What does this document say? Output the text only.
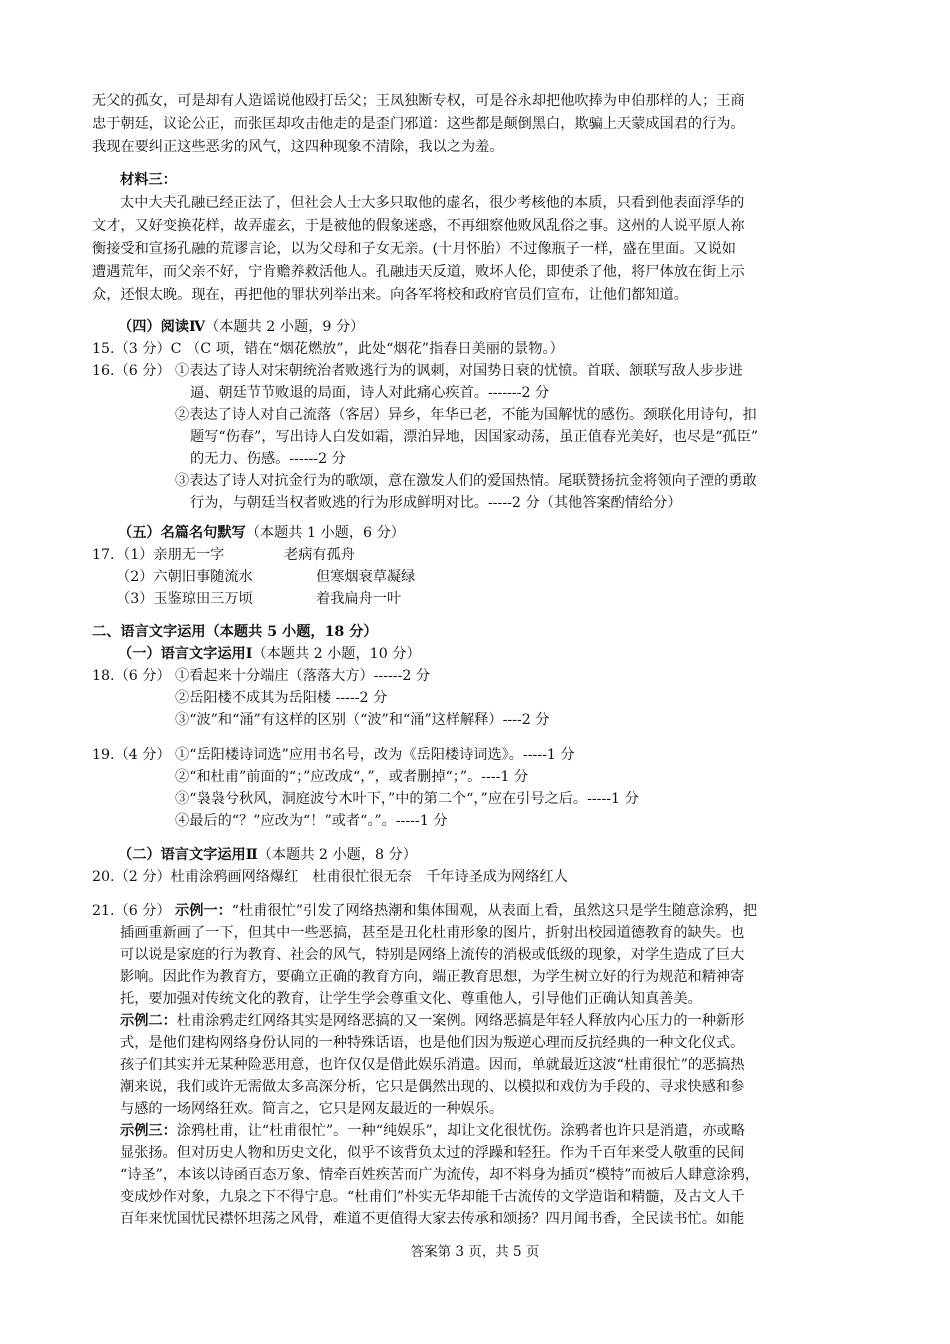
无父的孤女，可是却有人造谣说他殴打岳父；王凤独断专权，可是谷永却把他吹捧为申伯那样的人；王商
忠于朝廷，议论公正，而张匡却攻击他走的是歪门邪道：这些都是颠倒黑白，欺骗上天蒙成国君的行为。
我现在要纠正这些恶劣的风气，这四种现象不清除，我以之为羞。
材料三：
太中大夫孔融已经正法了，但社会人士大多只取他的虚名，很少考核他的本质，只看到他表面浮华的
文才，又好变换花样，故弄虚玄，于是被他的假象迷惑，不再细察他败风乱俗之事。这州的人说平原人祢
衡接受和宣扬孔融的荒谬言论，以为父母和子女无亲。(十月怀胎）不过像瓶子一样，盛在里面。又说如
遭遇荒年，而父亲不好，宁肯赡养救活他人。孔融违天反道，败坏人伦，即使杀了他，将尸体放在街上示
众，还恨太晚。现在，再把他的罪状列举出来。向各军将校和政府官员们宣布，让他们都知道。
（四）阅读Ⅳ（本题共 2 小题，9 分）
15.（3 分）C （C 项，错在“烟花燃放”，此处“烟花”指春日美丽的景物。）
16.（6 分） ①表达了诗人对宋朝统治者败逃行为的讽刺，对国势日衰的忧愤。首联、颔联写敌人步步进
逼、朝廷节节败退的局面，诗人对此痛心疾首。-------2 分
②表达了诗人对自己流落（客居）异乡，年华已老，不能为国解忧的感伤。颈联化用诗句，扣
题写“伤春”，写出诗人白发如霜，漂泊异地，因国家动荡，虽正值春光美好，也尽是“孤臣”
的无力、伤感。------2 分
③表达了诗人对抗金行为的歌颂，意在激发人们的爱国热情。尾联赞扬抗金将领向子湮的勇敢
行为，与朝廷当权者败逃的行为形成鲜明对比。-----2 分（其他答案酌情给分）
（五）名篇名句默写（本题共 1 小题，6 分）
17. （1）亲朋无一字	老病有孤舟
（2）六朝旧事随流水	但寒烟衰草凝绿
（3）玉鉴琼田三万顷	着我扁舟一叶
二、语言文字运用（本题共 5 小题，18 分）
（一）语言文字运用Ⅰ（本题共 2 小题，10 分）
18.（6 分） ①看起来十分端庄（落落大方）------2 分
②岳阳楼不成其为岳阳楼 -----2 分
③“波”和“涌”有这样的区别（“波”和“涌”这样解释）----2 分
19.（4 分） ①“岳阳楼诗词选”应用书名号，改为《岳阳楼诗词选》。-----1 分
②“和杜甫”前面的“；”应改成“，”，或者删掉“；”。----1 分
③“袅袅兮秋风，洞庭波兮木叶下，”中的第二个“，”应在引号之后。-----1 分
④最后的“？”应改为“！”或者“。”。-----1 分
（二）语言文字运用Ⅱ（本题共 2 小题，8 分）
20.（2 分）杜甫涂鸦画网络爆红　杜甫很忙很无奈　千年诗圣成为网络红人
21.（6 分） 示例一：“杜甫很忙”引发了网络热潮和集体围观，从表面上看，虽然这只是学生随意涂鸦，把
插画重新画了一下，但其中一些恶搞，甚至是丑化杜甫形象的图片，折射出校园道德教育的缺失。也
可以说是家庭的行为教育、社会的风气，特别是网络上流传的消极或低级的现象，对学生造成了巨大
影响。因此作为教育方，要确立正确的教育方向，端正教育思想，为学生树立好的行为规范和精神寄
托，要加强对传统文化的教育，让学生学会尊重文化、尊重他人，引导他们正确认知真善美。
示例二：杜甫涂鸦走红网络其实是网络恶搞的又一案例。网络恶搞是年轻人释放内心压力的一种新形
式，是他们建构网络身份认同的一种特殊话语，也是他们因为叛逆心理而反抗经典的一种文化仪式。
孩子们其实并无某种险恶用意，也许仅仅是借此娱乐消遣。因而，单就最近这波“杜甫很忙”的恶搞热
潮来说，我们或许无需做太多高深分析，它只是偶然出现的、以模拟和戏仿为手段的、寻求快感和参
与感的一场网络狂欢。简言之，它只是网友最近的一种娱乐。
示例三：涂鸦杜甫，让“杜甫很忙”。一种“纯娱乐”，却让文化很忧伤。涂鸦者也许只是消遣，亦或略
显张扬。但对历史人物和历史文化，似乎不该背负太过的浮躁和轻狂。作为千百年来受人敬重的民间
“诗圣”，本该以诗函百态万象、情牵百姓疾苦而广为流传，却不料身为插页“模特”而被后人肆意涂鸦，
变成炒作对象，九泉之下不得宁息。“杜甫们”朴实无华却能千古流传的文学造诣和精髓，及古文人千
百年来忧国忧民襟怀坦荡之风骨，难道不更值得大家去传承和颂扬？四月闻书香，全民读书忙。如能
答案第 3 页，共 5 页
